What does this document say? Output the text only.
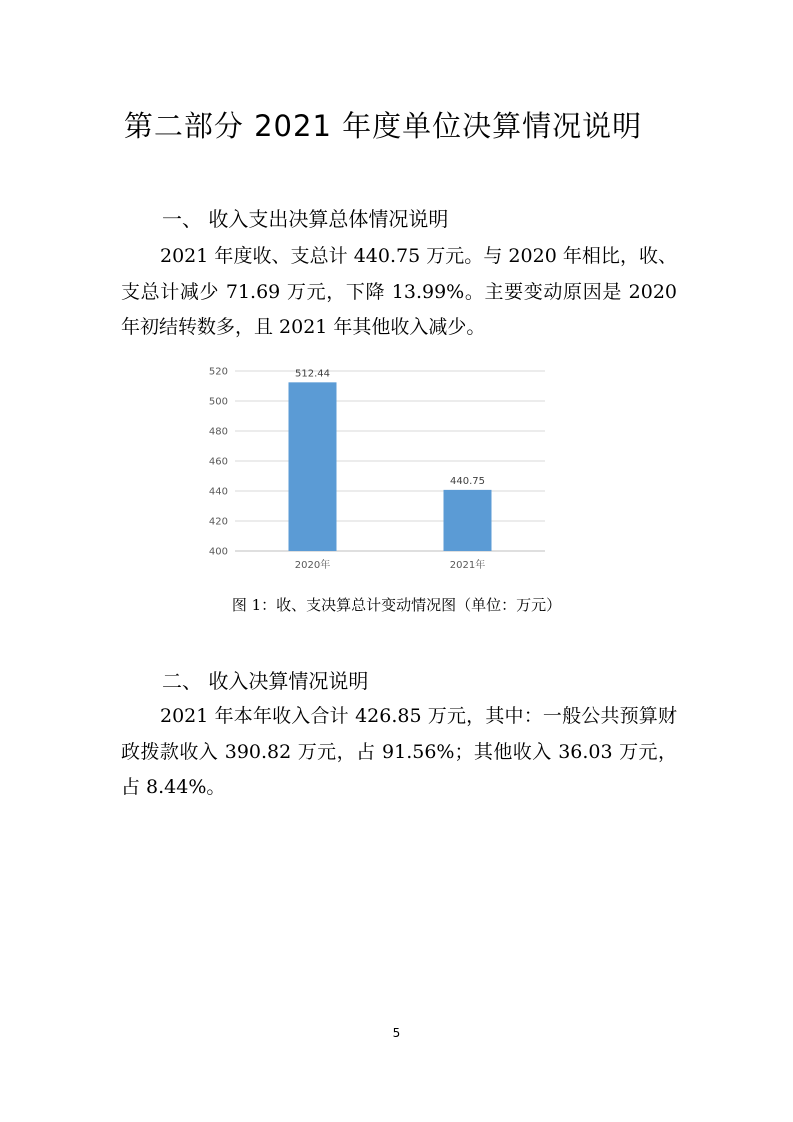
第二部分 2021 年度单位决算情况说明
一、 收入支出决算总体情况说明
2021 年度收、支总计 440.75 万元。与 2020 年相比，收、支总计减少 71.69 万元，下降 13.99%。主要变动原因是 2020 年初结转数多，且 2021 年其他收入减少。
400
420
440
460
480
500
520	512.44
440.75
2020年	2021年
图 1：收、支决算总计变动情况图（单位：万元）
二、 收入决算情况说明
2021 年本年收入合计 426.85 万元，其中：一般公共预算财政拨款收入 390.82 万元，占 91.56%；其他收入 36.03 万元，占 8.44%。
5
